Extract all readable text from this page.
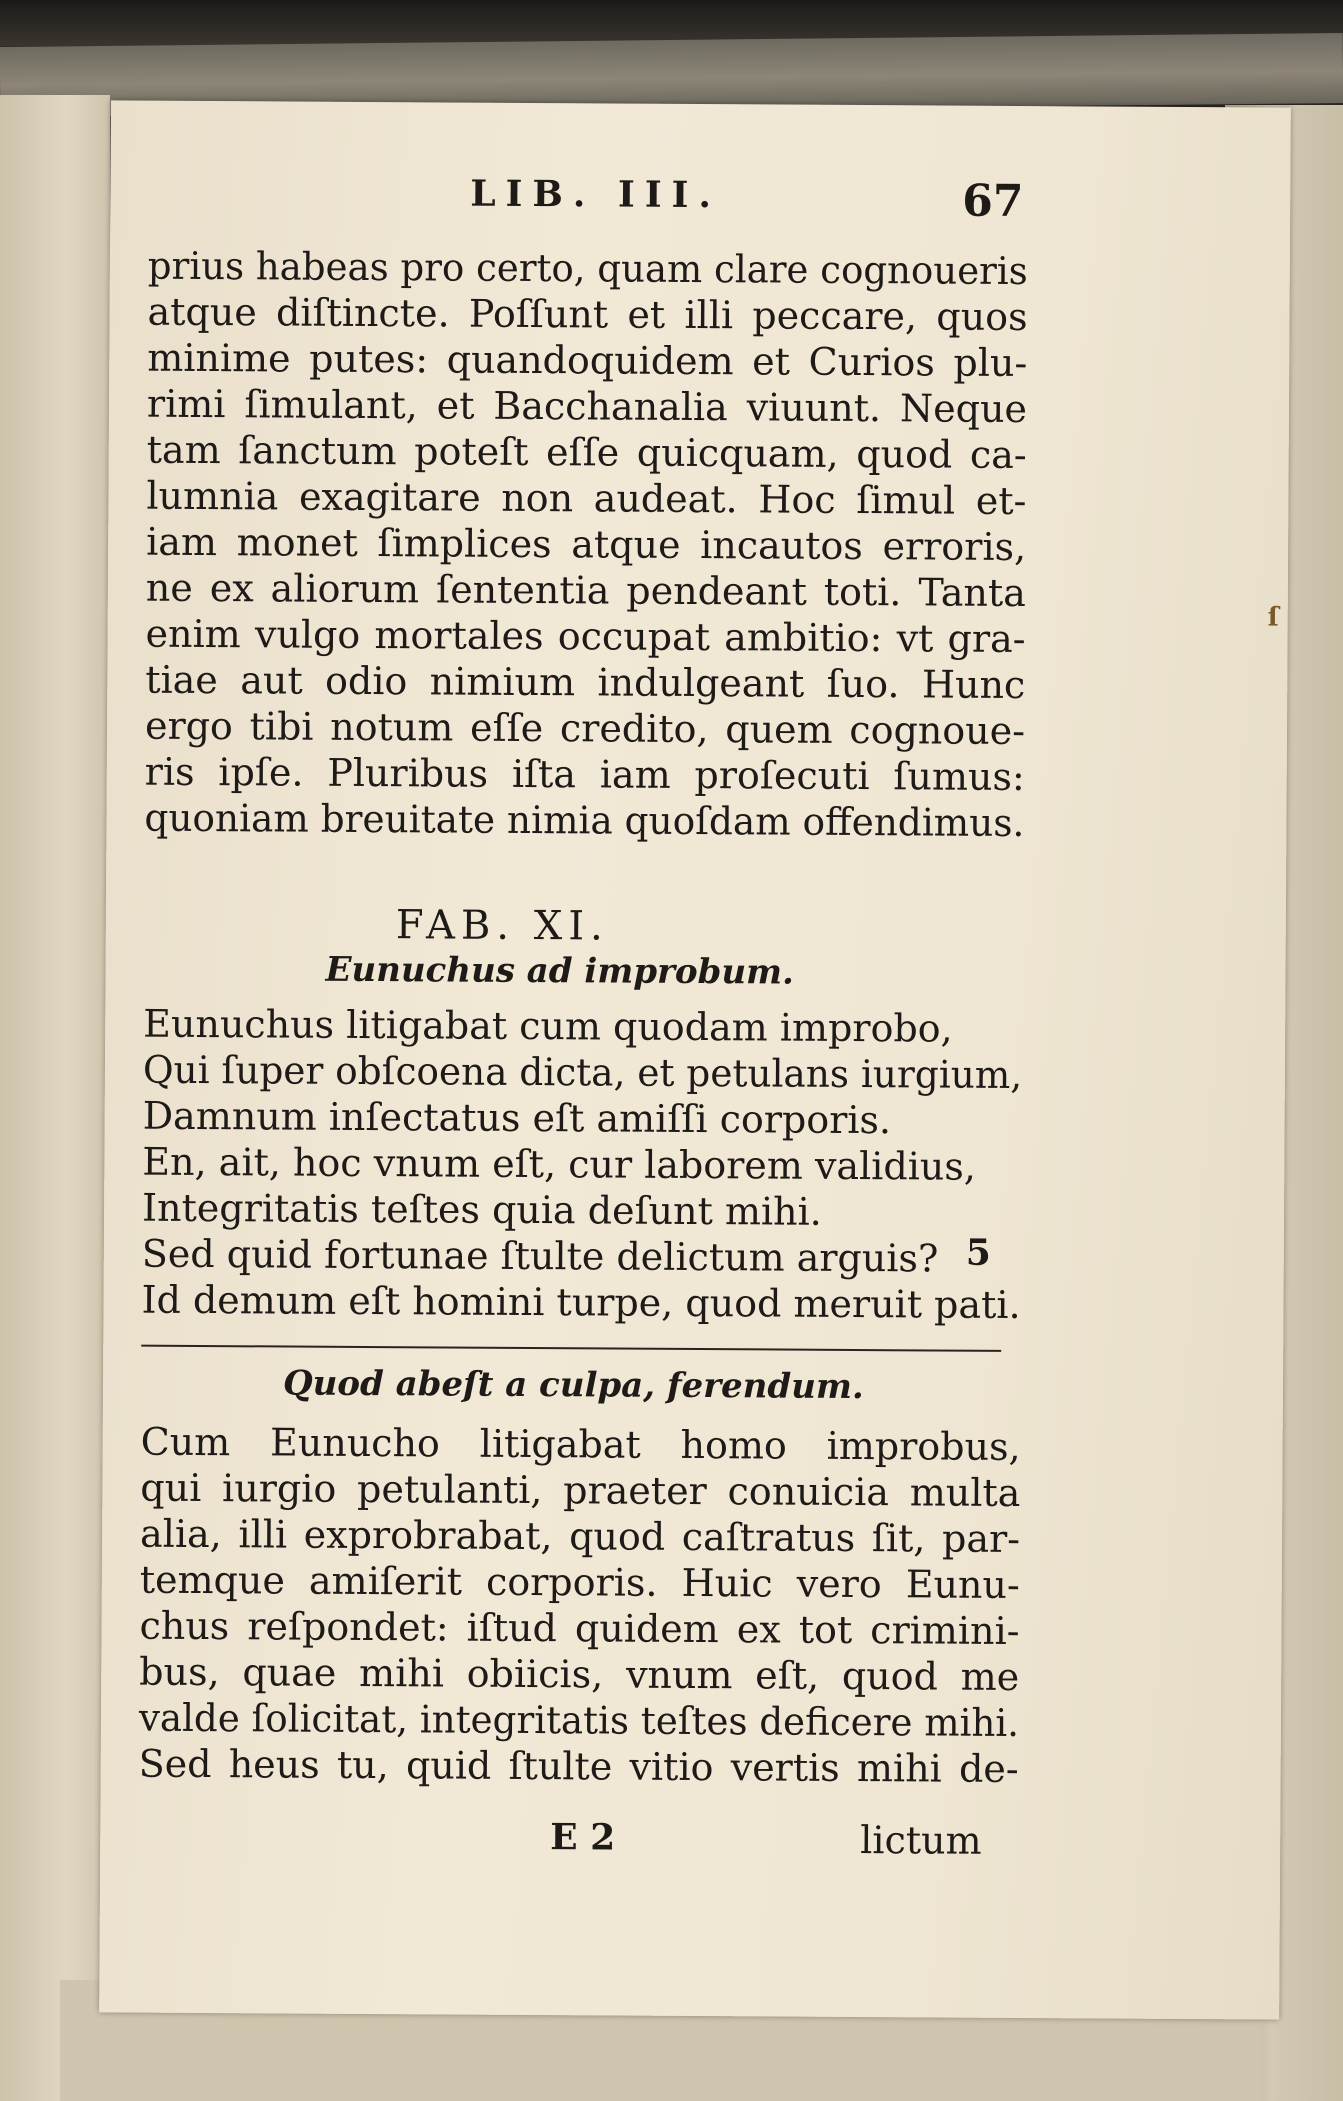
LIB. III.	67
prius habeas pro certo, quam clare cognoueris
atque diſtincte. Poſſunt et illi peccare, quos
minime putes: quandoquidem et Curios plu-
rimi ſimulant, et Bacchanalia viuunt. Neque
tam ſanctum poteſt eſſe quicquam, quod ca-
lumnia exagitare non audeat. Hoc ſimul et-
iam monet ſimplices atque incautos erroris,
ne ex aliorum ſententia pendeant toti. Tanta
enim vulgo mortales occupat ambitio: vt gra-
tiae aut odio nimium indulgeant ſuo. Hunc
ergo tibi notum eſſe credito, quem cognoue-
ris ipſe. Pluribus iſta iam proſecuti ſumus:
quoniam breuitate nimia quoſdam offendimus.
FAB. XI.
Eunuchus ad improbum.
Eunuchus litigabat cum quodam improbo,
Qui ſuper obſcoena dicta, et petulans iurgium,
Damnum inſectatus eſt amiſſi corporis.
En, ait, hoc vnum eſt, cur laborem validius,
Integritatis teſtes quia deſunt mihi.
Sed quid fortunae ſtulte delictum arguis?
Id demum eſt homini turpe, quod meruit pati.
5
Quod abeſt a culpa, ferendum.
Cum Eunucho litigabat homo improbus,
qui iurgio petulanti, praeter conuicia multa
alia, illi exprobrabat, quod caſtratus ſit, par-
temque amiſerit corporis. Huic vero Eunu-
chus reſpondet: iſtud quidem ex tot crimini-
bus, quae mihi obiicis, vnum eſt, quod me
valde ſolicitat, integritatis teſtes deficere mihi.
Sed heus tu, quid ſtulte vitio vertis mihi de-
E 2	lictum
ſ
